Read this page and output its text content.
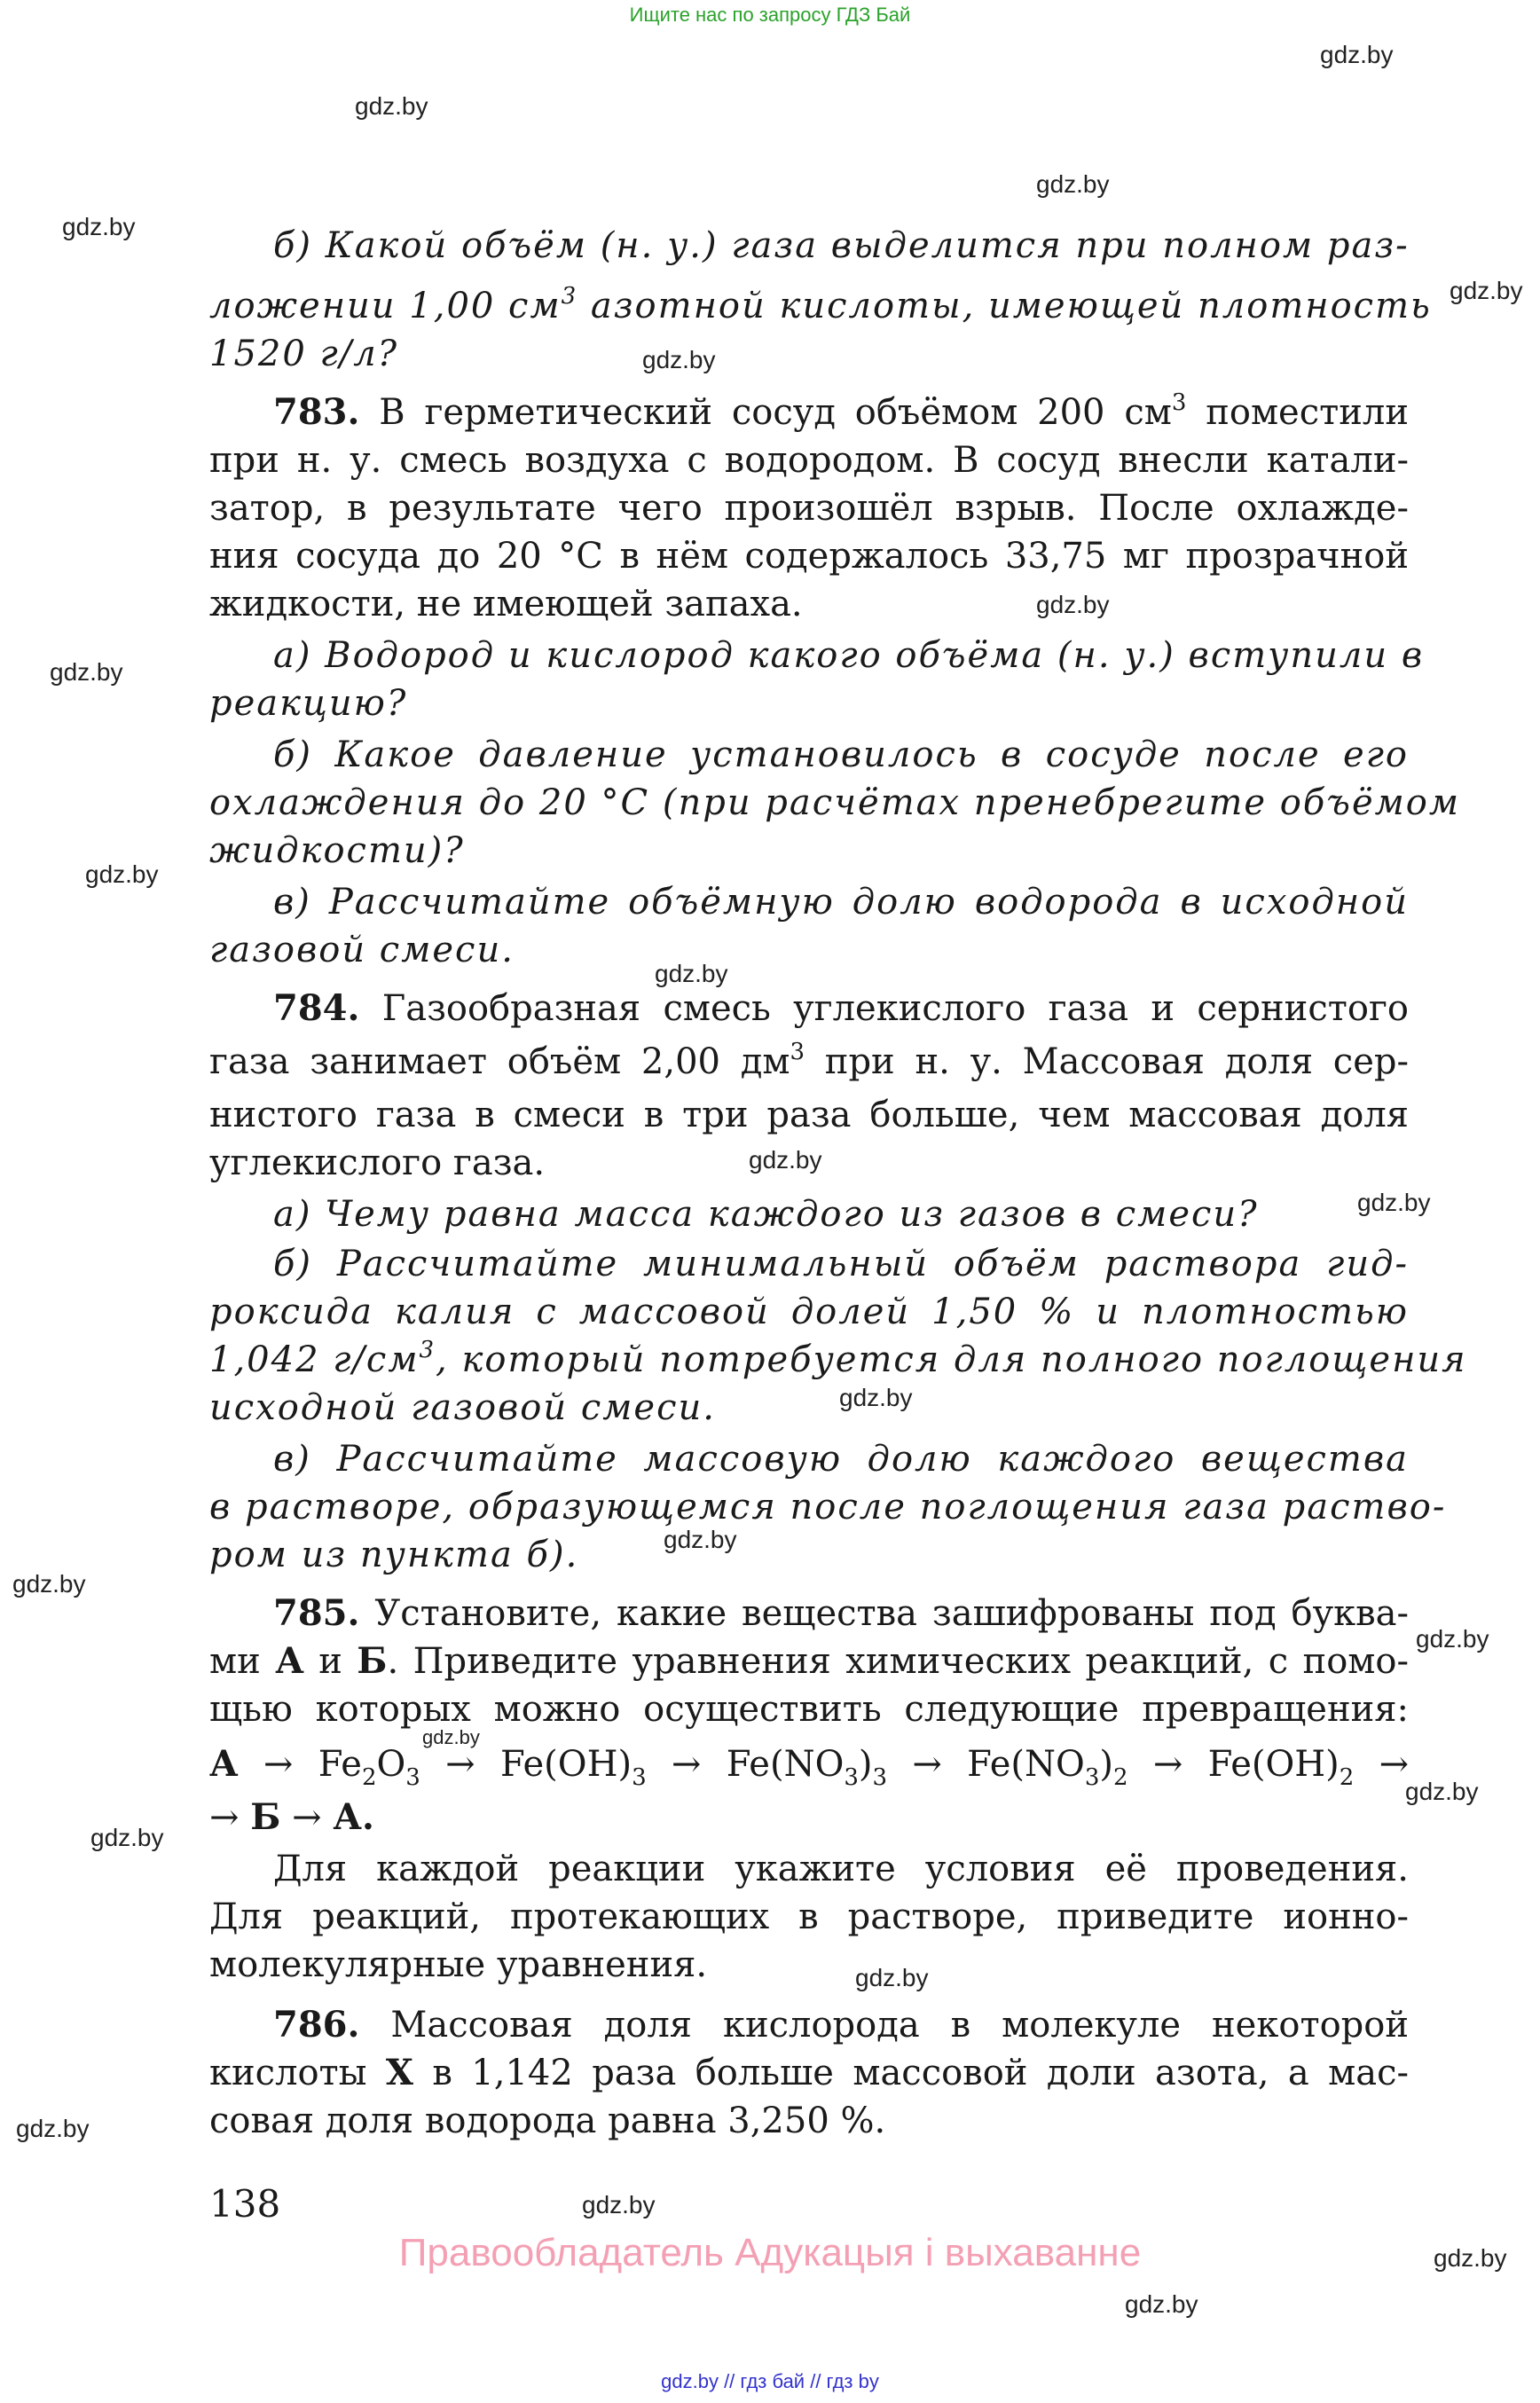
Ищите нас по запросу ГДЗ Бай
gdz.by
gdz.by
gdz.by
gdz.by
gdz.by
gdz.by
gdz.by
gdz.by
gdz.by
gdz.by
gdz.by
gdz.by
gdz.by
gdz.by
gdz.by
gdz.by
gdz.by
gdz.by
gdz.by
gdz.by
gdz.by
gdz.by
gdz.by
gdz.by
б) Какой объём (н. у.) газа выделится при полном раз-
ложении 1,00 $см^3$ азотной кислоты, имеющей плотность
1520 г/л?
783. В герметический сосуд объёмом 200 $см^3$ поместили
при н. у. смесь воздуха с водородом. В сосуд внесли катали-
затор, в результате чего произошёл взрыв. После охлажде-
ния сосуда до 20 °С в нём содержалось 33,75 мг прозрачной
жидкости, не имеющей запаха.
а) Водород и кислород какого объёма (н. у.) вступили в
реакцию?
б) Какое давление установилось в сосуде после его
охлаждения до 20 °С (при расчётах пренебрегите объёмом
жидкости)?
в) Рассчитайте объёмную долю водорода в исходной
газовой смеси.
784. Газообразная смесь углекислого газа и сернистого
газа занимает объём 2,00 $дм^3$ при н. у. Массовая доля сер-
нистого газа в смеси в три раза больше, чем массовая доля
углекислого газа.
а) Чему равна масса каждого из газов в смеси?
б) Рассчитайте минимальный объём раствора гид-
роксида калия с массовой долей 1,50 % и плотностью
1,042 $г/см^3$, который потребуется для полного поглощения
исходной газовой смеси.
в) Рассчитайте массовую долю каждого вещества
в растворе, образующемся после поглощения газа раство-
ром из пункта б).
785. Установите, какие вещества зашифрованы под буква-
ми А и Б. Приведите уравнения химических реакций, с помо-
щью которых можно осуществить следующие превращения:
$А \to Fe_2O_3 \to Fe(OH)_3 \to Fe(NO_3)_3 \to Fe(NO_3)_2 \to Fe(OH)_2$ →
→ Б → А.
Для каждой реакции укажите условия её проведения.
Для реакций, протекающих в растворе, приведите ионно-
молекулярные уравнения.
786. Массовая доля кислорода в молекуле некоторой
кислоты X в 1,142 раза больше массовой доли азота, а мас-
совая доля водорода равна 3,250 %.
138
Правообладатель Адукацыя і выхаванне
gdz.by // гдз бай // гдз by
